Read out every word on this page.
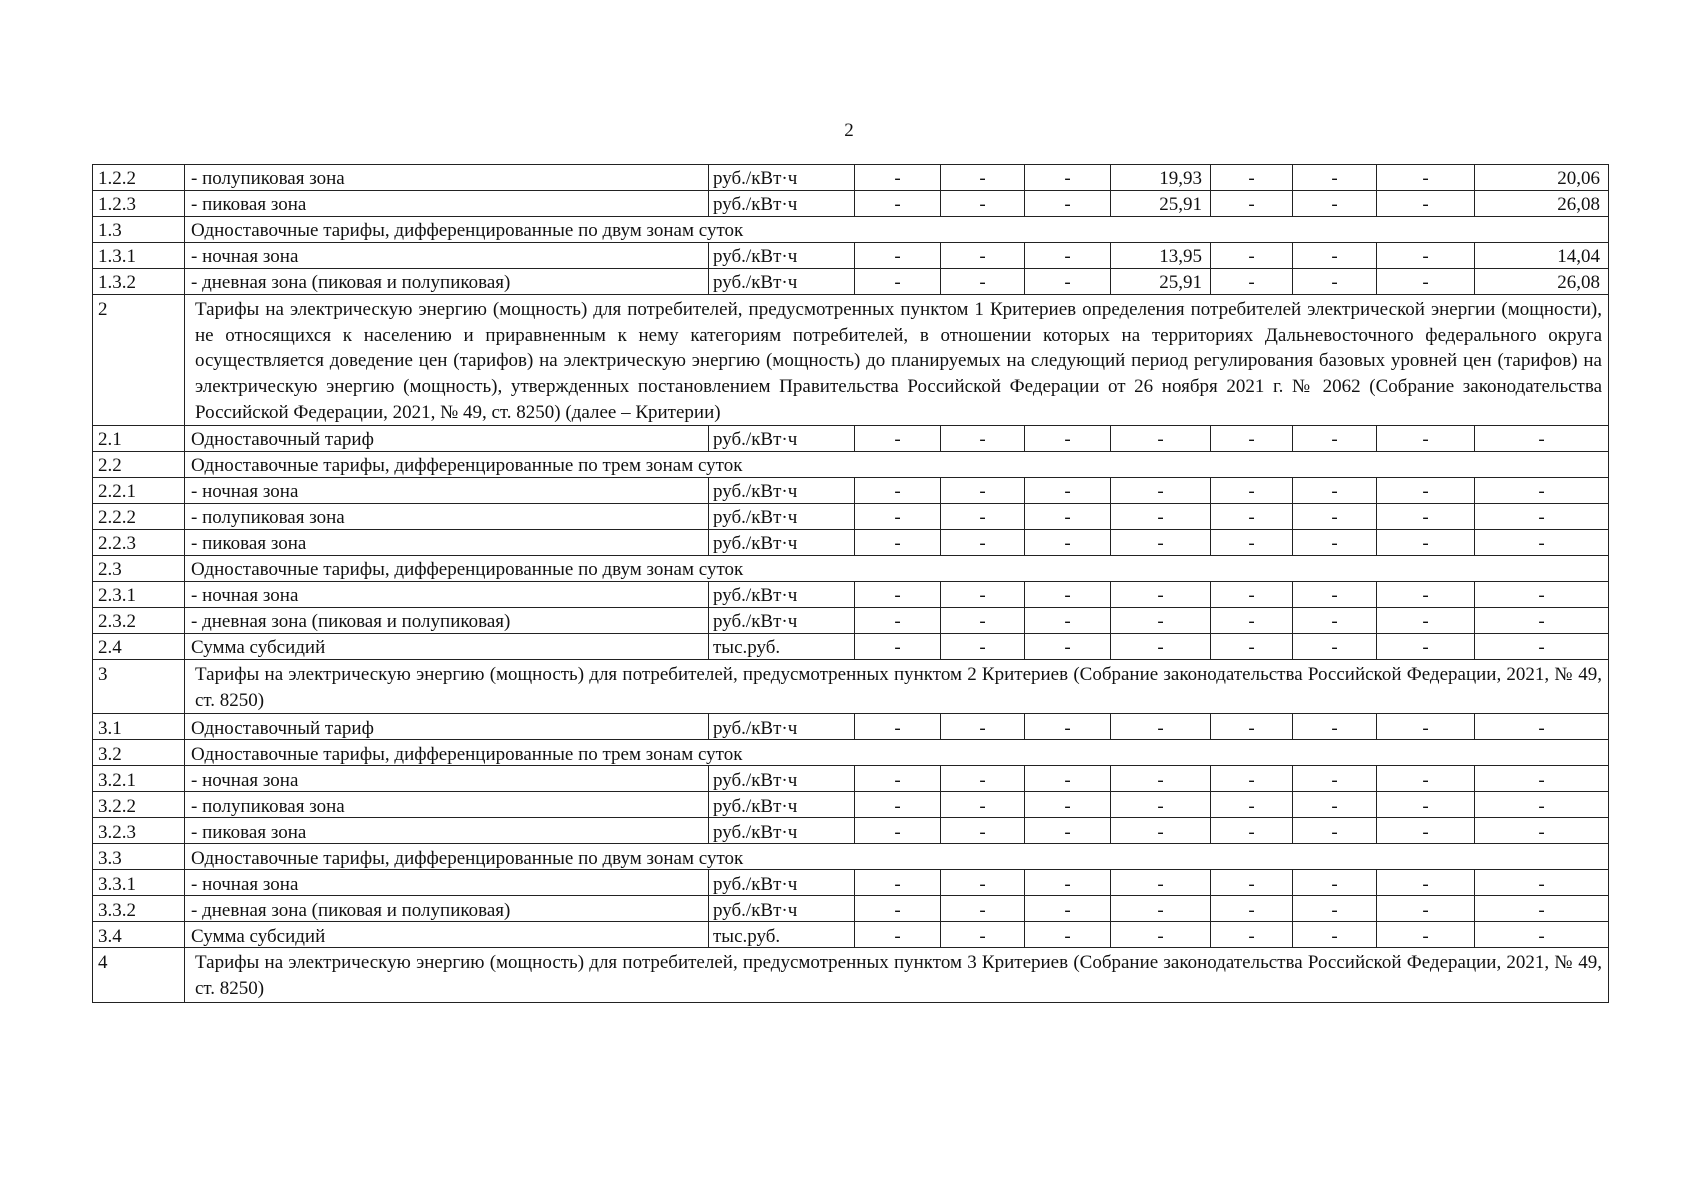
2
1.2.2	- полупиковая зона	руб./кВт·ч	-	-	-	19,93	-	-	-	20,06
1.2.3	- пиковая зона	руб./кВт·ч	-	-	-	25,91	-	-	-	26,08
1.3	Одноставочные тарифы, дифференцированные по двум зонам суток									
1.3.1	- ночная зона	руб./кВт·ч	-	-	-	13,95	-	-	-	14,04
1.3.2	- дневная зона (пиковая и полупиковая)	руб./кВт·ч	-	-	-	25,91	-	-	-	26,08
2	Тарифы на электрическую энергию (мощность) для потребителей, предусмотренных пунктом 1 Критериев определения потребителей электрической энергии (мощности), не относящихся к населению и приравненным к нему категориям потребителей, в отношении которых на территориях Дальневосточного федерального округа осуществляется доведение цен (тарифов) на электрическую энергию (мощность) до планируемых на следующий период регулирования базовых уровней цен (тарифов) на электрическую энергию (мощность), утвержденных постановлением Правительства Российской Федерации от 26 ноября 2021 г. № 2062 (Собрание законодательства Российской Федерации, 2021, № 49, ст. 8250) (далее – Критерии)									
2.1	Одноставочный тариф	руб./кВт·ч	-	-	-	-	-	-	-	-
2.2	Одноставочные тарифы, дифференцированные по трем зонам суток									
2.2.1	- ночная зона	руб./кВт·ч	-	-	-	-	-	-	-	-
2.2.2	- полупиковая зона	руб./кВт·ч	-	-	-	-	-	-	-	-
2.2.3	- пиковая зона	руб./кВт·ч	-	-	-	-	-	-	-	-
2.3	Одноставочные тарифы, дифференцированные по двум зонам суток									
2.3.1	- ночная зона	руб./кВт·ч	-	-	-	-	-	-	-	-
2.3.2	- дневная зона (пиковая и полупиковая)	руб./кВт·ч	-	-	-	-	-	-	-	-
2.4	Сумма субсидий	тыс.руб.	-	-	-	-	-	-	-	-
3	Тарифы на электрическую энергию (мощность) для потребителей, предусмотренных пунктом 2 Критериев (Собрание законодательства Российской Федерации, 2021, № 49, ст. 8250)									
3.1	Одноставочный тариф	руб./кВт·ч	-	-	-	-	-	-	-	-
3.2	Одноставочные тарифы, дифференцированные по трем зонам суток									
3.2.1	- ночная зона	руб./кВт·ч	-	-	-	-	-	-	-	-
3.2.2	- полупиковая зона	руб./кВт·ч	-	-	-	-	-	-	-	-
3.2.3	- пиковая зона	руб./кВт·ч	-	-	-	-	-	-	-	-
3.3	Одноставочные тарифы, дифференцированные по двум зонам суток									
3.3.1	- ночная зона	руб./кВт·ч	-	-	-	-	-	-	-	-
3.3.2	- дневная зона (пиковая и полупиковая)	руб./кВт·ч	-	-	-	-	-	-	-	-
3.4	Сумма субсидий	тыс.руб.	-	-	-	-	-	-	-	-
4	Тарифы на электрическую энергию (мощность) для потребителей, предусмотренных пунктом 3 Критериев (Собрание законодательства Российской Федерации, 2021, № 49, ст. 8250)									
